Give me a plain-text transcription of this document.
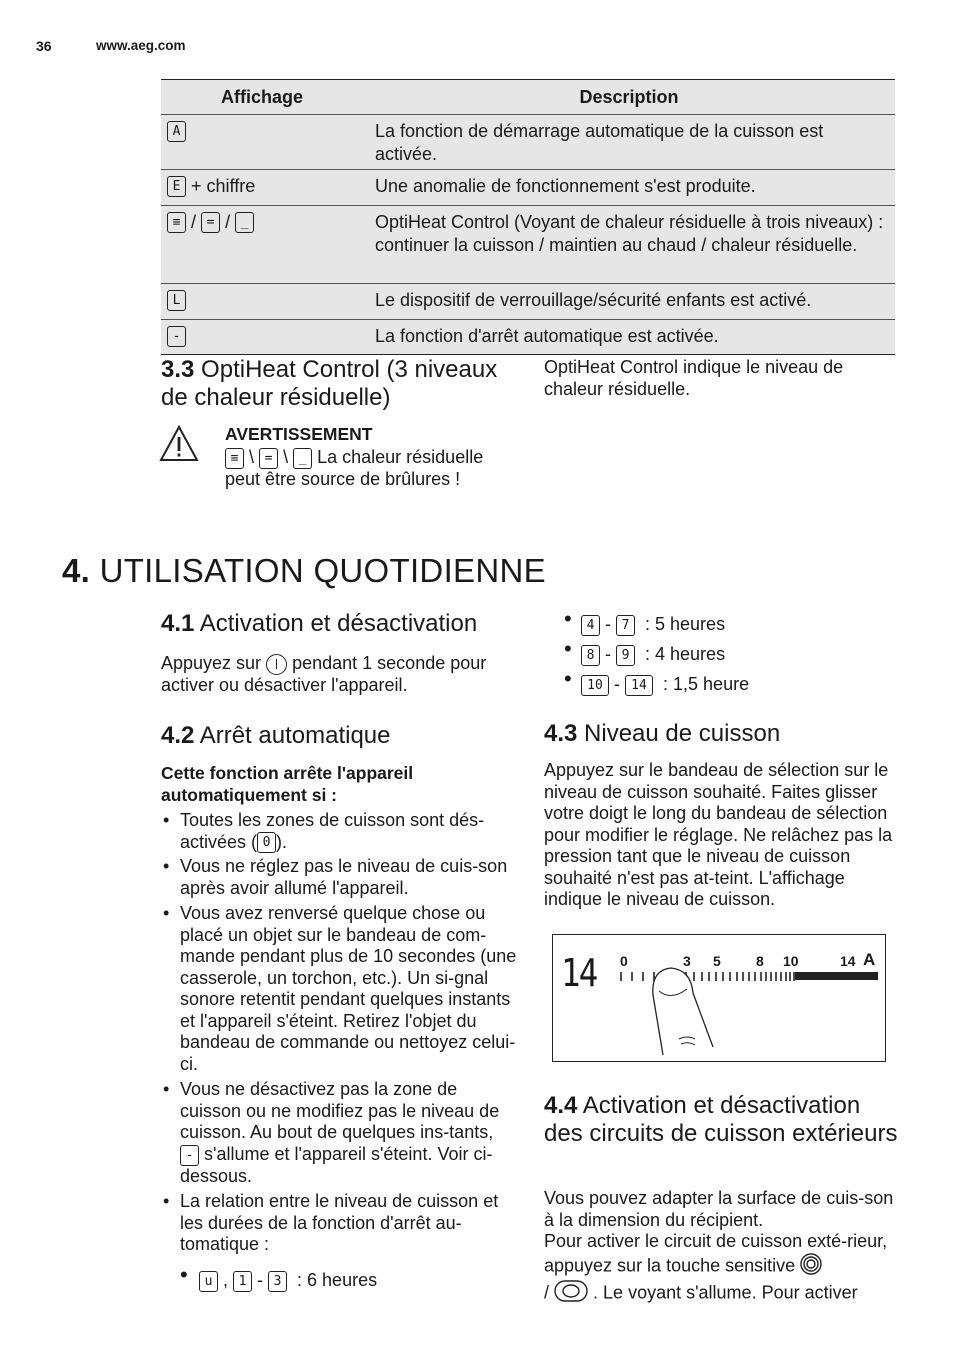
36	www.aeg.com
Affichage	Description
A	La fonction de démarrage automatique de la cuisson est activée.
E + chiffre	Une anomalie de fonctionnement s'est produite.
≡ / = / _	OptiHeat Control (Voyant de chaleur résiduelle à trois niveaux) : continuer la cuisson / maintien au chaud / chaleur résiduelle.
L	Le dispositif de verrouillage/sécurité enfants est activé.
-	La fonction d'arrêt automatique est activée.
3.3 OptiHeat Control (3 niveaux de chaleur résiduelle)
OptiHeat Control indique le niveau de chaleur résiduelle.
AVERTISSEMENT
≡ \ = \ _ La chaleur résiduelle peut être source de brûlures !
4. UTILISATION QUOTIDIENNE
4.1 Activation et désactivation
Appuyez sur pendant 1 seconde pour activer ou désactiver l'appareil.
4.2 Arrêt automatique
Cette fonction arrête l'appareil automatiquement si :
• Toutes les zones de cuisson sont dés-activées ( 0 ).
• Vous ne réglez pas le niveau de cuis-son après avoir allumé l'appareil.
• Vous avez renversé quelque chose ou placé un objet sur le bandeau de com-mande pendant plus de 10 secondes (une casserole, un torchon, etc.). Un si-gnal sonore retentit pendant quelques instants et l'appareil s'éteint. Retirez l'objet du bandeau de commande ou nettoyez celui-ci.
• Vous ne désactivez pas la zone de cuisson ou ne modifiez pas le niveau de cuisson. Au bout de quelques ins-tants, - s'allume et l'appareil s'éteint. Voir ci-dessous.
• La relation entre le niveau de cuisson et les durées de la fonction d'arrêt au-tomatique :
• u , 1 - 3 : 6 heures
• 4 - 7 : 5 heures
• 8 - 9 : 4 heures
• 10 - 14 : 1,5 heure
4.3 Niveau de cuisson
Appuyez sur le bandeau de sélection sur le niveau de cuisson souhaité. Faites glisser votre doigt le long du bandeau de sélection pour modifier le réglage. Ne relâchez pas la pression tant que le niveau de cuisson souhaité n'est pas at-teint. L'affichage indique le niveau de cuisson.
14 0	3 5	8 10	14 A
4.4 Activation et désactivation des circuits de cuisson extérieurs
Vous pouvez adapter la surface de cuis-son à la dimension du récipient.
Pour activer le circuit de cuisson exté-rieur, appuyez sur la touche sensitive
/ . Le voyant s'allume. Pour activer
